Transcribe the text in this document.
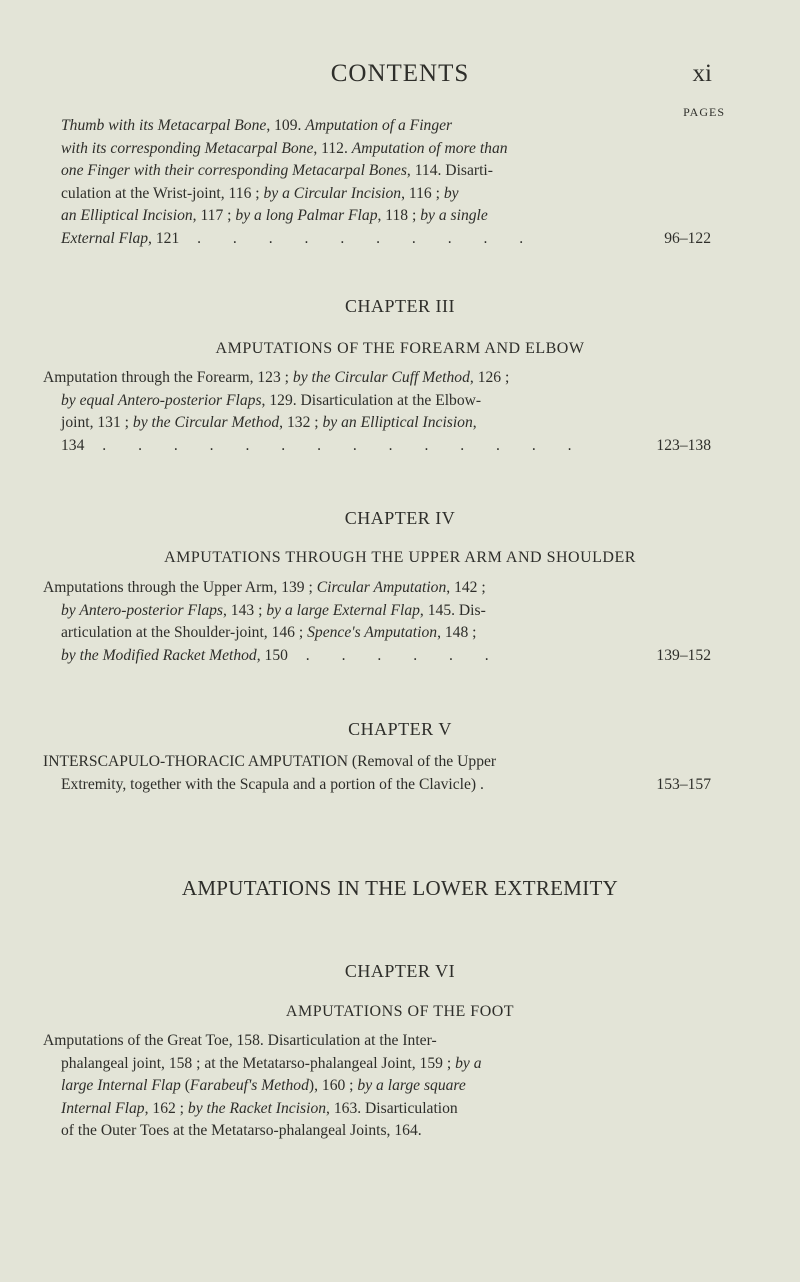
CONTENTS	xi
PAGES
Thumb with its Metacarpal Bone, 109. Amputation of a Finger
with its corresponding Metacarpal Bone, 112. Amputation of more than
one Finger with their corresponding Metacarpal Bones, 114. Disarti-
culation at the Wrist-joint, 116 ; by a Circular Incision, 116 ; by
an Elliptical Incision, 117 ; by a long Palmar Flap, 118 ; by a single
External Flap, 121 . . . . . . . . . .	96–122
CHAPTER III
AMPUTATIONS OF THE FOREARM AND ELBOW
Amputation through the Forearm, 123 ; by the Circular Cuff Method, 126 ;
by equal Antero-posterior Flaps, 129. Disarticulation at the Elbow-
joint, 131 ; by the Circular Method, 132 ; by an Elliptical Incision,
134 . . . . . . . . . . . . . .	123–138
CHAPTER IV
AMPUTATIONS THROUGH THE UPPER ARM AND SHOULDER
Amputations through the Upper Arm, 139 ; Circular Amputation, 142 ;
by Antero-posterior Flaps, 143 ; by a large External Flap, 145. Dis-
articulation at the Shoulder-joint, 146 ; Spence's Amputation, 148 ;
by the Modified Racket Method, 150 . . . . . .	139–152
CHAPTER V
INTERSCAPULO-THORACIC AMPUTATION (Removal of the Upper
Extremity, together with the Scapula and a portion of the Clavicle) .	153–157
AMPUTATIONS IN THE LOWER EXTREMITY
CHAPTER VI
AMPUTATIONS OF THE FOOT
Amputations of the Great Toe, 158. Disarticulation at the Inter-
phalangeal joint, 158 ; at the Metatarso-phalangeal Joint, 159 ; by a
large Internal Flap (Farabeuf's Method), 160 ; by a large square
Internal Flap, 162 ; by the Racket Incision, 163. Disarticulation
of the Outer Toes at the Metatarso-phalangeal Joints, 164.
